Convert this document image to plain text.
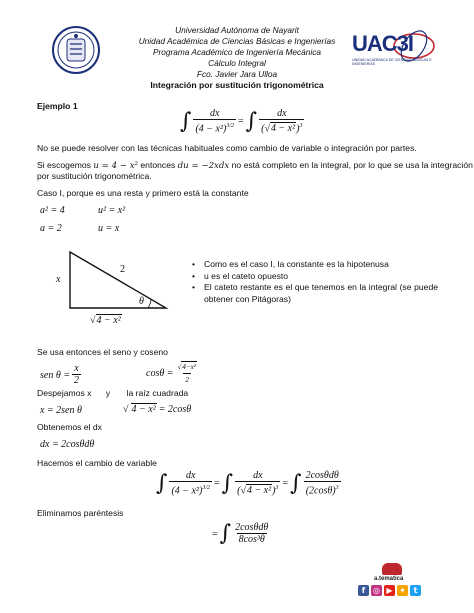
UAC3I
UNIDAD ACADÉMICA DE CIENCIAS BÁSICAS E INGENIERÍAS
Universidad Autónoma de Nayarit
Unidad Académica de Ciencias Básicas e Ingenierías
Programa Académico de Ingeniería Mecánica
Cálculo Integral
Fco. Javier Jara Ulloa
Integración por sustitución trigonométrica
Ejemplo 1
∫ $\frac{dx}{(4 - x^2)^{3/2}}$ = ∫ $\frac{dx}{(√4 - x^2)^3}$
No se puede resolver con las técnicas habituales como cambio de variable o integración por partes.
Si escogemos u = 4 − x² entonces du = −2xdx no está completo en la integral, por lo que se usa la integración
por sustitución trigonométrica.
Caso I, porque es una resta y primero está la constante
a² = 4	u² = x²
a = 2	u = x
x
2
θ
√ 4 − x²
• Como es el caso I, la constante es la hipotenusa
• u es el cateto opuesto
• El cateto restante es el que tenemos en la integral (se puede obtener con Pitágoras)
Se usa entonces el seno y coseno
sen $\theta = \frac{x}{2}$	$\cos\theta = \frac{\text{√4−x²}}{2}$
Despejamos x y la raíz cuadrada
x = 2sen θ	√ 4 − x² = 2cosθ
Obtenemos el dx
dx = 2cosθdθ
Hacemos el cambio de variable
∫ $\frac{dx}{(4 - x^2)^{3/2}}$ = ∫ $\frac{dx}{(√4 - x^2)^3}$ = ∫ $\frac{\text{2cosθdθ}}{(2\cos\theta)^3}$
Eliminamos paréntesis
= ∫ $\frac{\text{2cosθdθ}}{\text{8cos³θ}}$
a.tematica
f ◎ ▶ ✦ t
